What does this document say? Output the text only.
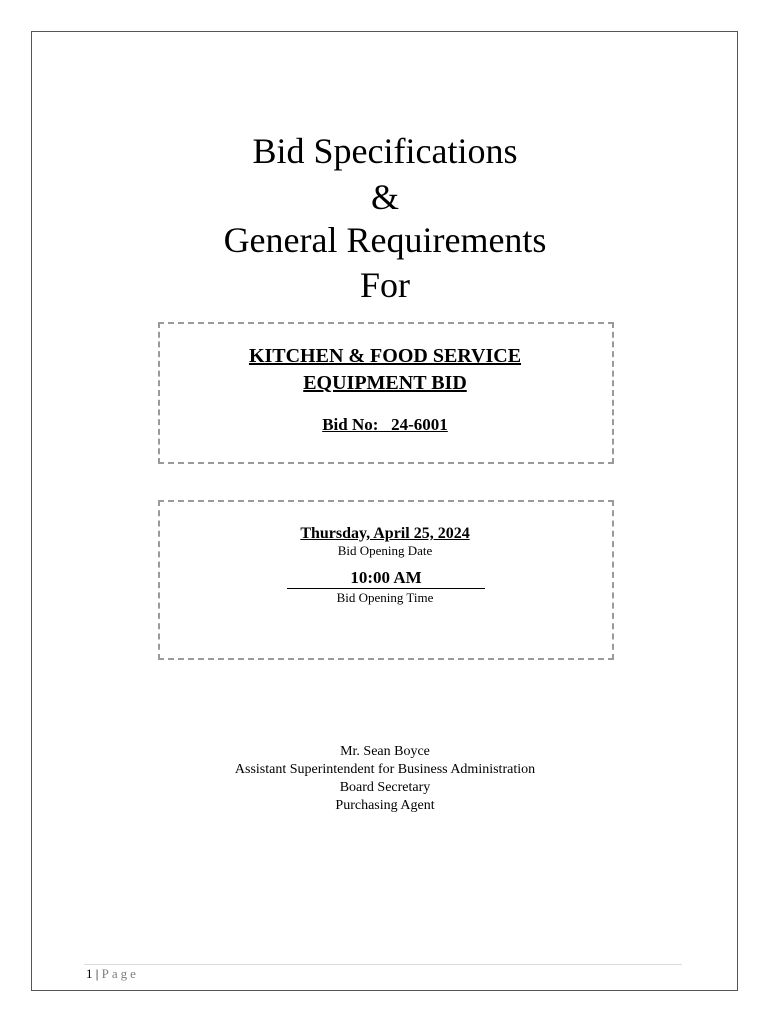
Bid Specifications
&
General Requirements
For
KITCHEN & FOOD SERVICE
EQUIPMENT BID
Bid No:   24-6001
Thursday, April 25, 2024
Bid Opening Date
10:00 AM
Bid Opening Time
Mr. Sean Boyce
Assistant Superintendent for Business Administration
Board Secretary
Purchasing Agent
1 | Page
